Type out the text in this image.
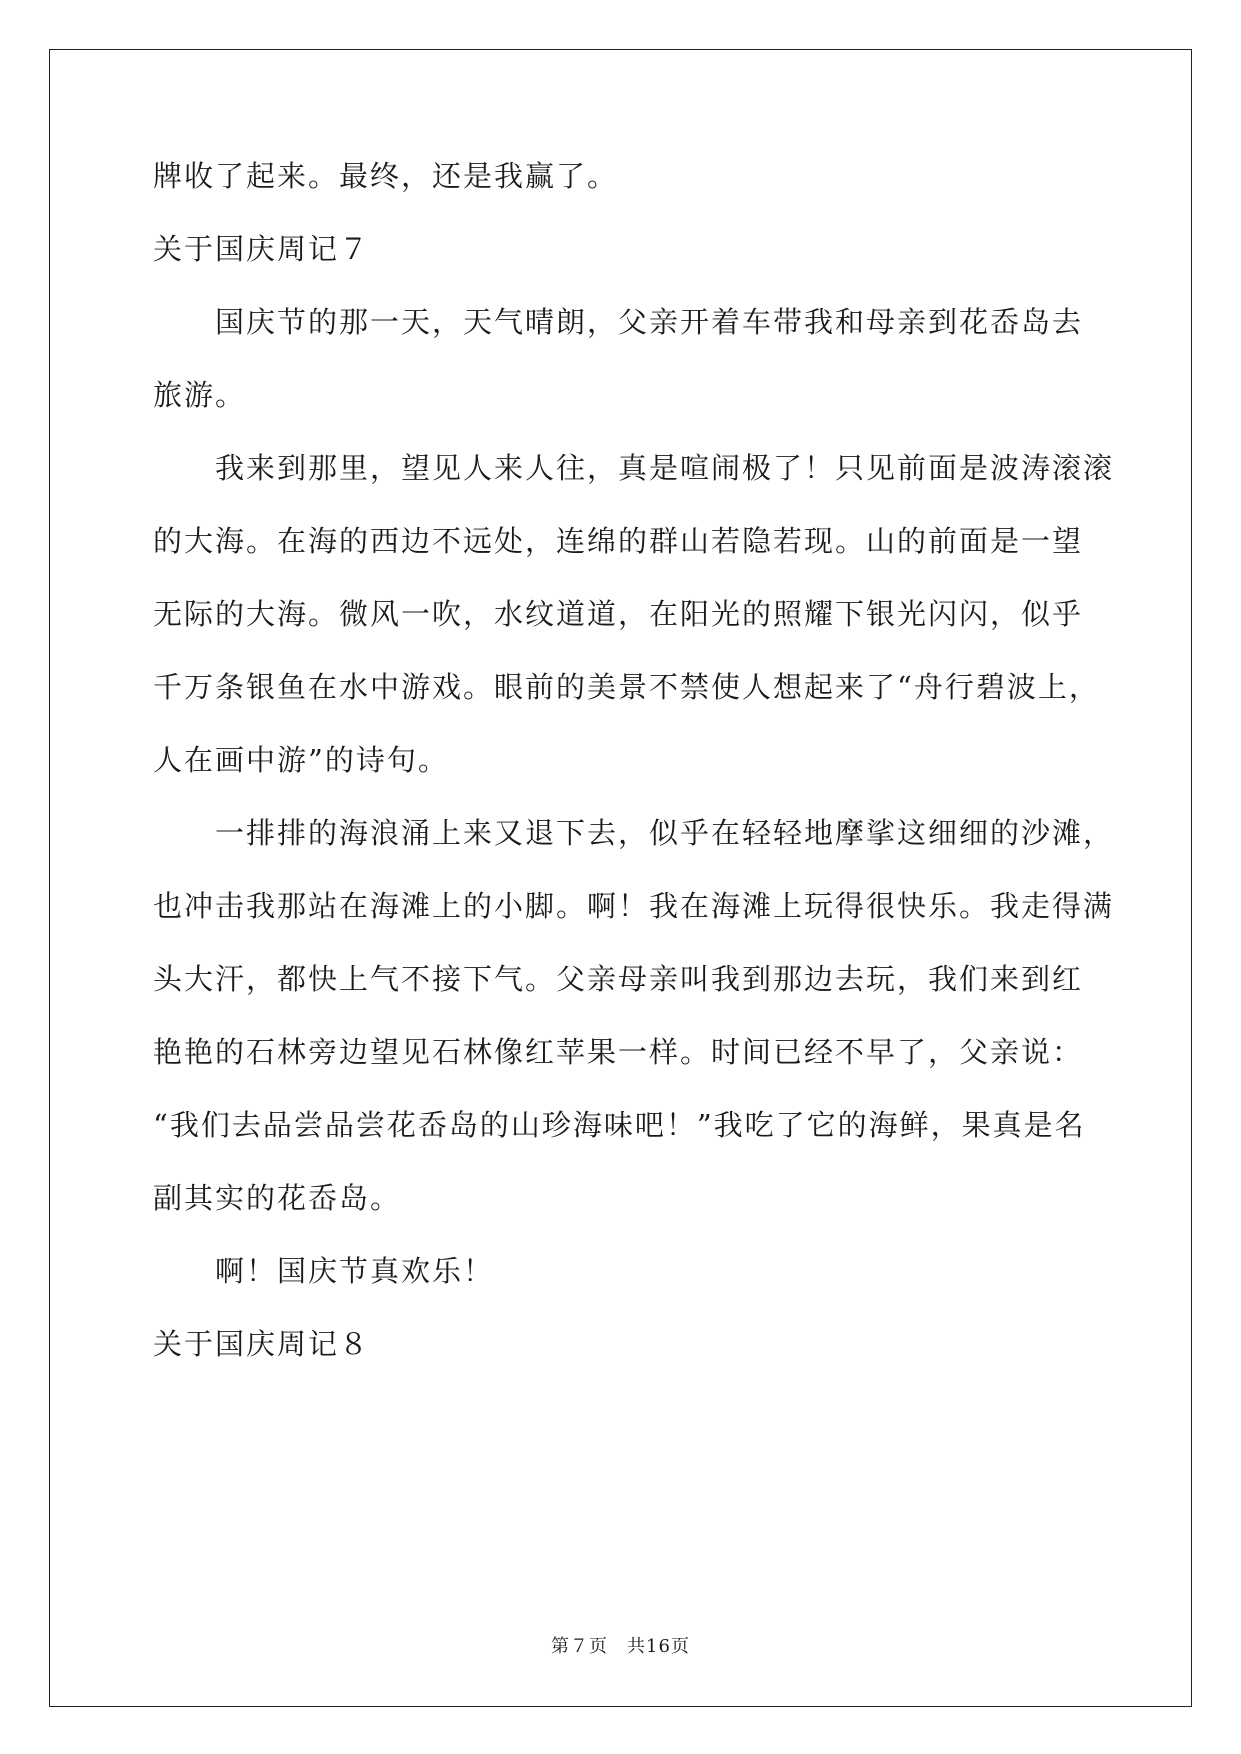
牌收了起来。最终，还是我赢了。
关于国庆周记７
　　国庆节的那一天，天气晴朗，父亲开着车带我和母亲到花岙岛去
旅游。
　　我来到那里，望见人来人往，真是喧闹极了！只见前面是波涛滚滚
的大海。在海的西边不远处，连绵的群山若隐若现。山的前面是一望
无际的大海。微风一吹，水纹道道，在阳光的照耀下银光闪闪，似乎
千万条银鱼在水中游戏。眼前的美景不禁使人想起来了“舟行碧波上，
人在画中游”的诗句。
　　一排排的海浪涌上来又退下去，似乎在轻轻地摩挲这细细的沙滩，
也冲击我那站在海滩上的小脚。啊！我在海滩上玩得很快乐。我走得满
头大汗，都快上气不接下气。父亲母亲叫我到那边去玩，我们来到红
艳艳的石林旁边望见石林像红苹果一样。时间已经不早了，父亲说：
“我们去品尝品尝花岙岛的山珍海味吧！”我吃了它的海鲜，果真是名
副其实的花岙岛。
　　啊！国庆节真欢乐！
关于国庆周记８
第７页　共16页
